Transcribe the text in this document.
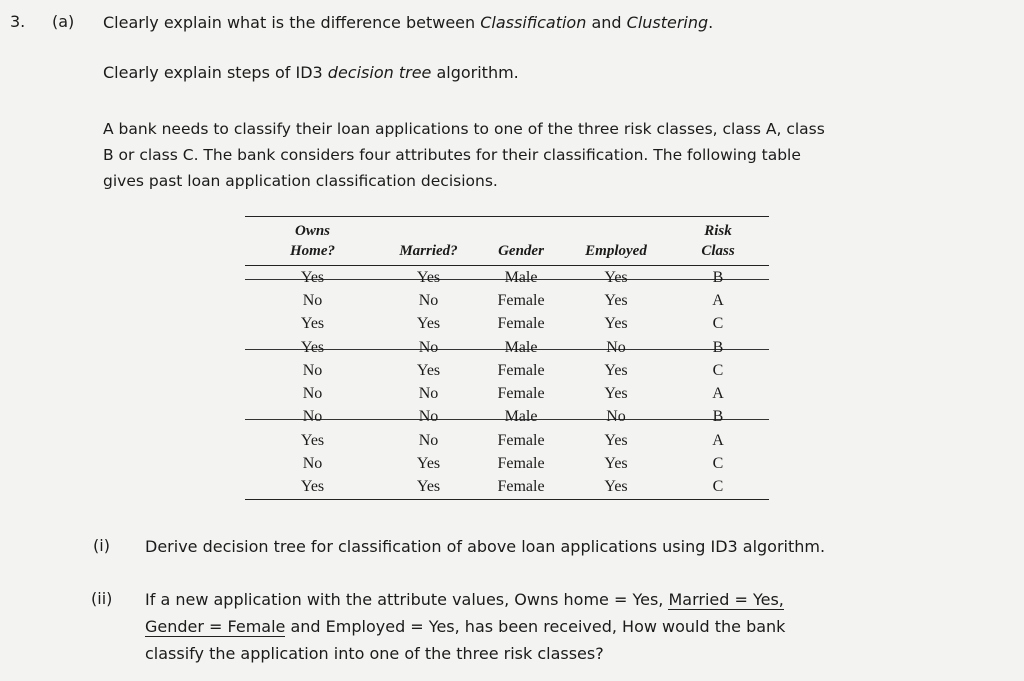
3. (a) Clearly explain what is the difference between Classification and Clustering.
Clearly explain steps of ID3 decision tree algorithm.
A bank needs to classify their loan applications to one of the three risk classes, class A, class
B or class C. The bank considers four attributes for their classification. The following table
gives past loan application classification decisions.
Owns
Home?	Married?	Gender	Employed	Risk
Class
Yes	Yes	Male	Yes	B
No	No	Female	Yes	A
Yes	Yes	Female	Yes	C
Yes	No	Male	No	B
No	Yes	Female	Yes	C
No	No	Female	Yes	A
No	No	Male	No	B
Yes	No	Female	Yes	A
No	Yes	Female	Yes	C
Yes	Yes	Female	Yes	C
(i) Derive decision tree for classification of above loan applications using ID3 algorithm.
(ii) If a new application with the attribute values, Owns home = Yes, Married = Yes,
Gender = Female and Employed = Yes, has been received, How would the bank
classify the application into one of the three risk classes?
